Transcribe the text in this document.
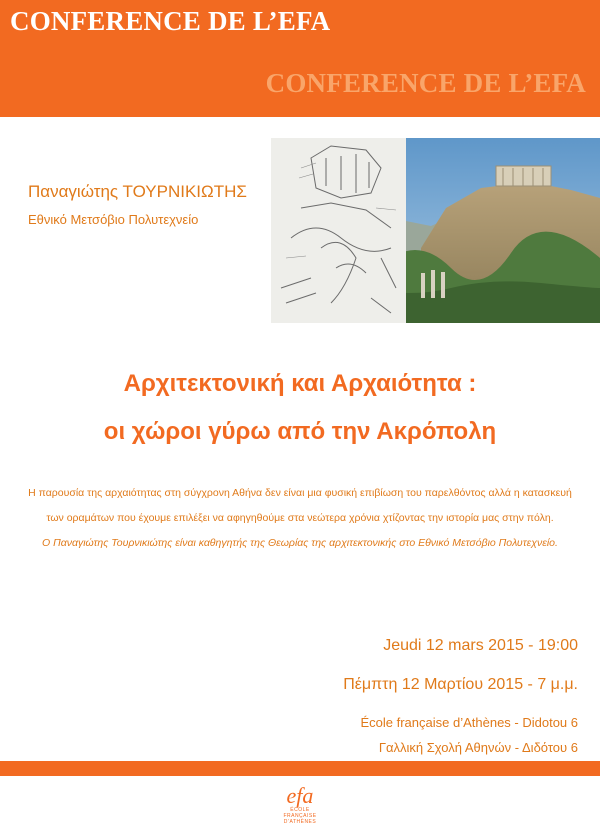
CONFERENCE DE L’EFA
CONFERENCE DE L’EFA
Παναγιώτης ΤΟΥΡΝΙΚΙΩΤΗΣ
Εθνικό Μετσόβιο Πολυτεχνείο
Αρχιτεκτονική και Αρχαιότητα :
οι χώροι γύρω από την Ακρόπολη
Η παρουσία της αρχαιότητας στη σύγχρονη Αθήνα δεν είναι μια φυσική επιβίωση του παρελθόντος αλλά η κατασκευή
των οραμάτων που έχουμε επιλέξει να αφηγηθούμε στα νεώτερα χρόνια χτίζοντας την ιστορία μας στην πόλη.
Ο Παναγιώτης Τουρνικιώτης είναι καθηγητής της Θεωρίας της αρχιτεκτονικής στο Εθνικό Μετσόβιο Πολυτεχνείο.
Jeudi 12 mars 2015 - 19:00
Πέμπτη 12 Μαρτίου 2015 - 7 μ.μ.
École française d’Athènes - Didotou 6
Γαλλική Σχολή Αθηνών - Διδότου 6
efa
ÉCOLE
FRANÇAISE
D’ATHÈNES
